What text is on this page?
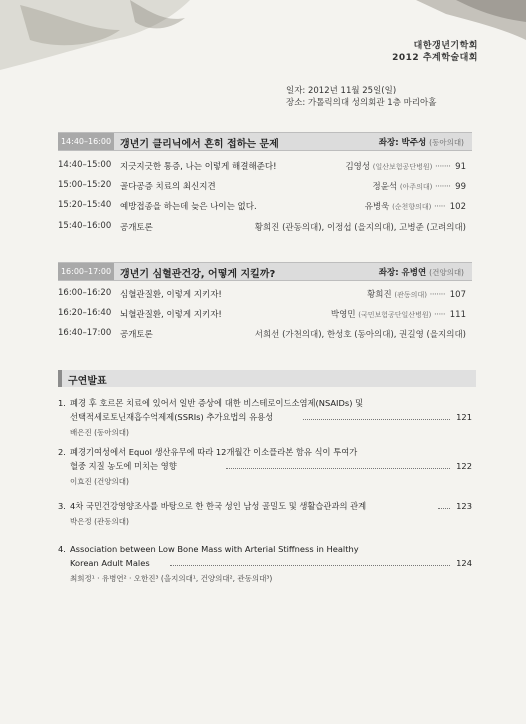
대한갱년기학회
2012 추계학술대회
일자: 2012년 11월 25일(일)
장소: 가톨릭의대 성의회관 1층 마리아홀
14:40–16:00 갱년기 클리닉에서 흔히 접하는 문제	좌장: 박주성 (동아의대)
14:40–15:00 지긋지긋한 통증, 나는 이렇게 해결해준다!	김영성 (일산보험공단병원) ······· 91
15:00–15:20 골다공증 치료의 최신지견	정윤석 (아주의대) ······· 99
15:20–15:40 예방접종을 하는데 늦은 나이는 없다.	유병욱 (순천향의대) ····· 102
15:40–16:00 공개토론	황희진 (관동의대), 이정섭 (을지의대), 고병준 (고려의대)
16:00–17:00 갱년기 심혈관건강, 어떻게 지킬까?	좌장: 유병연 (건양의대)
16:00–16:20 심혈관질환, 이렇게 지키자!	황희진 (관동의대) ······· 107
16:20–16:40 뇌혈관질환, 이렇게 지키자!	박영민 (국민보험공단일산병원) ····· 111
16:40–17:00 공개토론	서희선 (가천의대), 한성호 (동아의대), 권길영 (을지의대)
구연발표
1. 폐경 후 호르몬 치료에 있어서 일반 증상에 대한 비스테로이드소염제(NSAIDs) 및
선택적세로토닌재흡수억제제(SSRIs) 추가요법의 유용성	121
배은진 (동아의대)
2. 폐경기여성에서 Equol 생산유무에 따라 12개월간 이소플라본 함유 식이 투여가
혈중 지질 농도에 미치는 영향	122
이효진 (건양의대)
3. 4차 국민건강영양조사를 바탕으로 한 한국 성인 남성 골밀도 및 생활습관과의 관계	123
박은정 (관동의대)
4. Association between Low Bone Mass with Arterial Stiffness in Healthy
Korean Adult Males	124
최희정¹ · 유병연² · 오한진³ (을지의대¹, 건양의대², 관동의대³)
